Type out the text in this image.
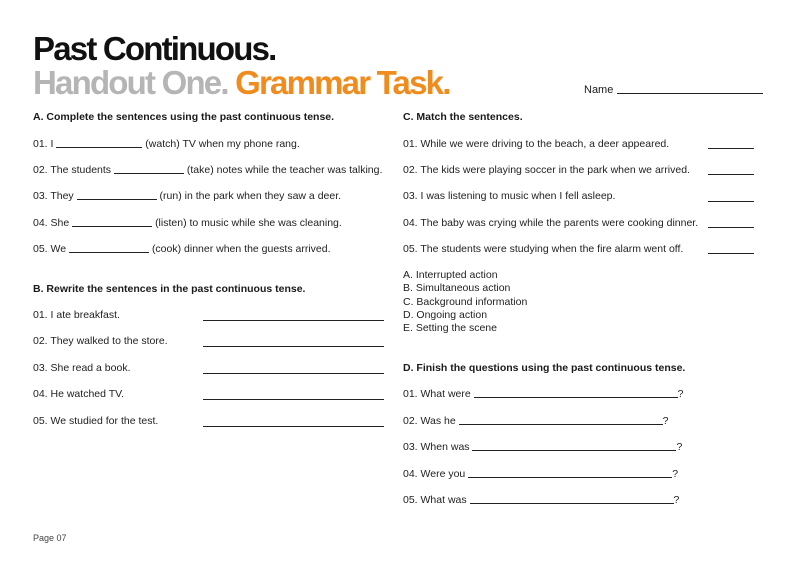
Past Continuous.
Handout One. Grammar Task.	Name
A. Complete the sentences using the past continuous tense.
01. I	(watch) TV when my phone rang.
02. The students	(take) notes while the teacher was talking.
03. They	(run) in the park when they saw a deer.
04. She	(listen) to music while she was cleaning.
05. We	(cook) dinner when the guests arrived.
B. Rewrite the sentences in the past continuous tense.
01. I ate breakfast.
02. They walked to the store.
03. She read a book.
04. He watched TV.
05. We studied for the test.
C. Match the sentences.
01. While we were driving to the beach, a deer appeared.
02. The kids were playing soccer in the park when we arrived.
03. I was listening to music when I fell asleep.
04. The baby was crying while the parents were cooking dinner.
05. The students were studying when the fire alarm went off.
A. Interrupted action
B. Simultaneous action
C. Background information
D. Ongoing action
E. Setting the scene
D. Finish the questions using the past continuous tense.
01. What were	?
02. Was he	?
03. When was	?
04. Were you	?
05. What was	?
Page 07
